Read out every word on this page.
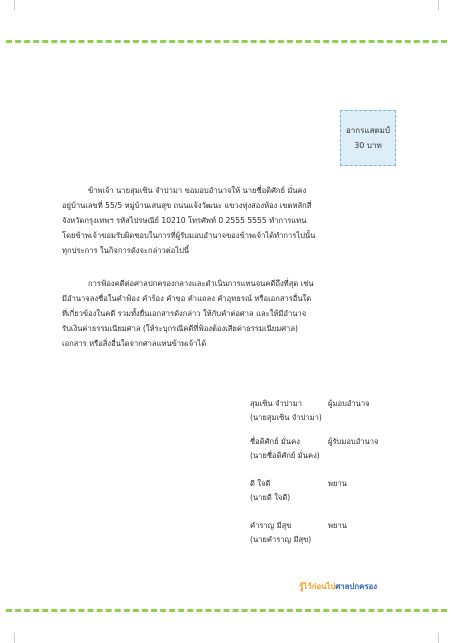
อากรแสตมป์
30 บาท
ข้าพเจ้า นายสุมเซิน จำปามา ขอมอบอำนาจให้ นายชื่อดิศักย์ มั่นคง
อยู่บ้านเลขที่ 55/5 หมู่บ้านเสนสุข ถนนแจ้งวัฒนะ แขวงทุ่งสองห้อง เขตหลักสี่
จังหวัดกรุงเทพฯ รหัสไปรษณีย์ 10210 โทรศัพท์ 0 2555 5555 ทำการแทน
โดยข้าพเจ้าขอมรับผิดชอบในการที่ผู้รับมอบอำนาจของข้าพเจ้าได้ทำการไปนั้น
ทุกประการ ในกิจการดังจะกล่าวต่อไปนี้
การฟ้องคดีต่อศาลปกครองกลางและดำเนินการแทนจนคดีถึงที่สุด เช่น
มีอำนาจลงชื่อในคำฟ้อง คำร้อง คำขอ คำแถลง คำอุทธรณ์ หรือเอกสารอื่นใด
ที่เกี่ยวข้องในคดี รวมทั้งยื่นเอกสารดังกล่าว ให้กับคำต่อศาล และให้มีอำนาจ
รับเงินค่าธรรมเนียมศาล (ให้ระบุกรณีคดีที่ฟ้องต้องเสียค่าธรรมเนียมศาล)
เอกสาร หรือสิ่งอื่นใดจากศาลแทนข้าพเจ้าได้
สุมเซิน จำปามา	ผู้มอบอำนาจ
(นายสุมเซิน จำปามา)
ชื่อดิศักย์ มั่นคง	ผู้รับมอบอำนาจ
(นายชื่อดิศักย์ มั่นคง)
ดี ใจดี	พยาน
(นายดี ใจดี)
คำราญ มีสุข	พยาน
(นายคำราญ มีสุข)
รู้ไว้ก่อนไปศาลปกครอง
